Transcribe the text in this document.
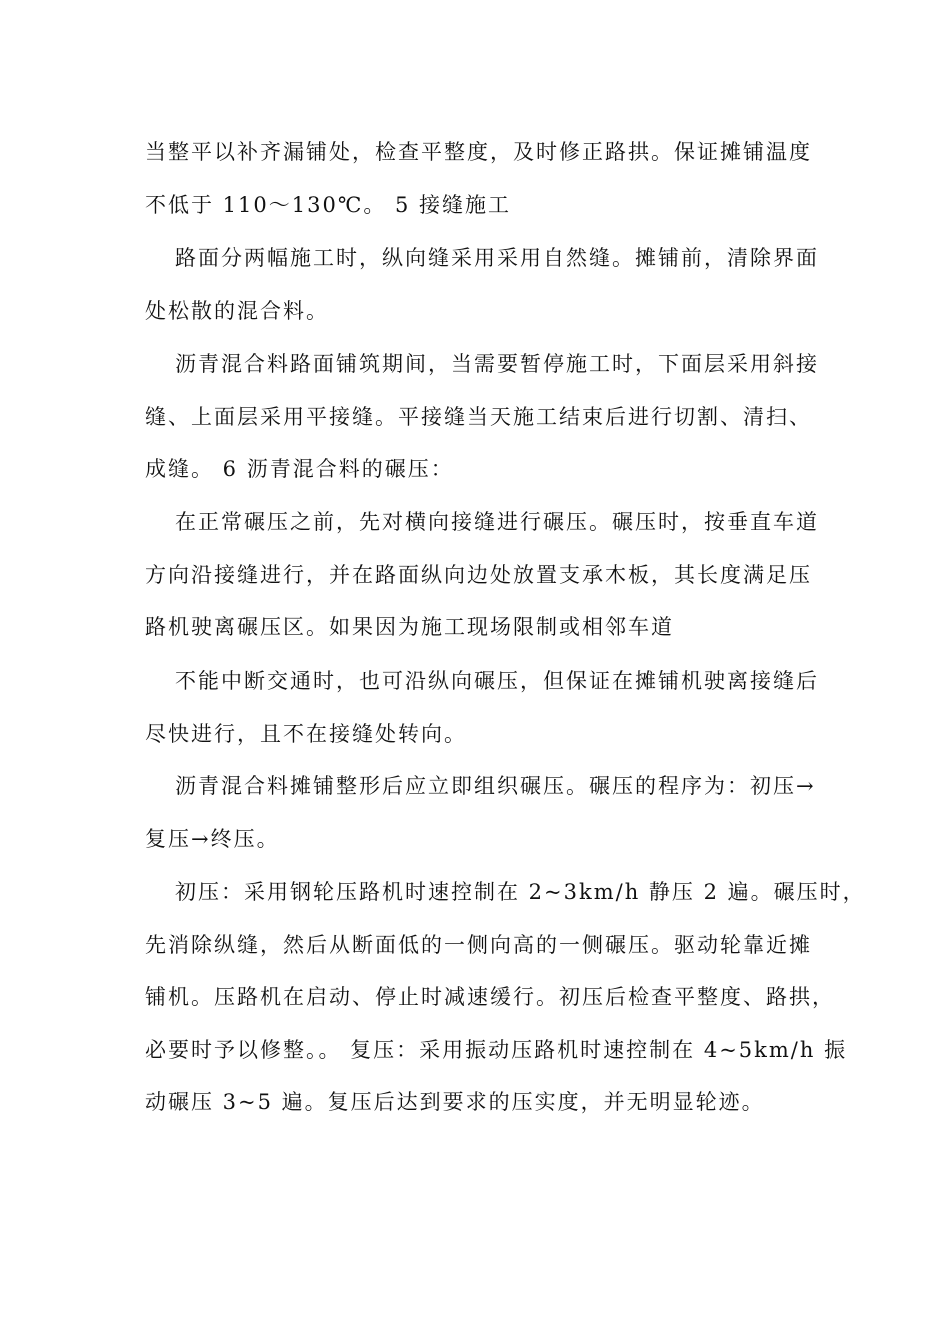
当整平以补齐漏铺处，检查平整度，及时修正路拱。保证摊铺温度
不低于 110～130℃。 5 接缝施工
路面分两幅施工时，纵向缝采用采用自然缝。摊铺前，清除界面
处松散的混合料。
沥青混合料路面铺筑期间，当需要暂停施工时，下面层采用斜接
缝、上面层采用平接缝。平接缝当天施工结束后进行切割、清扫、
成缝。 6 沥青混合料的碾压：
在正常碾压之前，先对横向接缝进行碾压。碾压时，按垂直车道
方向沿接缝进行，并在路面纵向边处放置支承木板，其长度满足压
路机驶离碾压区。如果因为施工现场限制或相邻车道
不能中断交通时，也可沿纵向碾压，但保证在摊铺机驶离接缝后
尽快进行，且不在接缝处转向。
沥青混合料摊铺整形后应立即组织碾压。碾压的程序为：初压→
复压→终压。
初压：采用钢轮压路机时速控制在 2~3km/h 静压 2 遍。碾压时，
先消除纵缝，然后从断面低的一侧向高的一侧碾压。驱动轮靠近摊
铺机。压路机在启动、停止时减速缓行。初压后检查平整度、路拱，
必要时予以修整。。 复压：采用振动压路机时速控制在 4~5km/h 振
动碾压 3~5 遍。复压后达到要求的压实度，并无明显轮迹。
